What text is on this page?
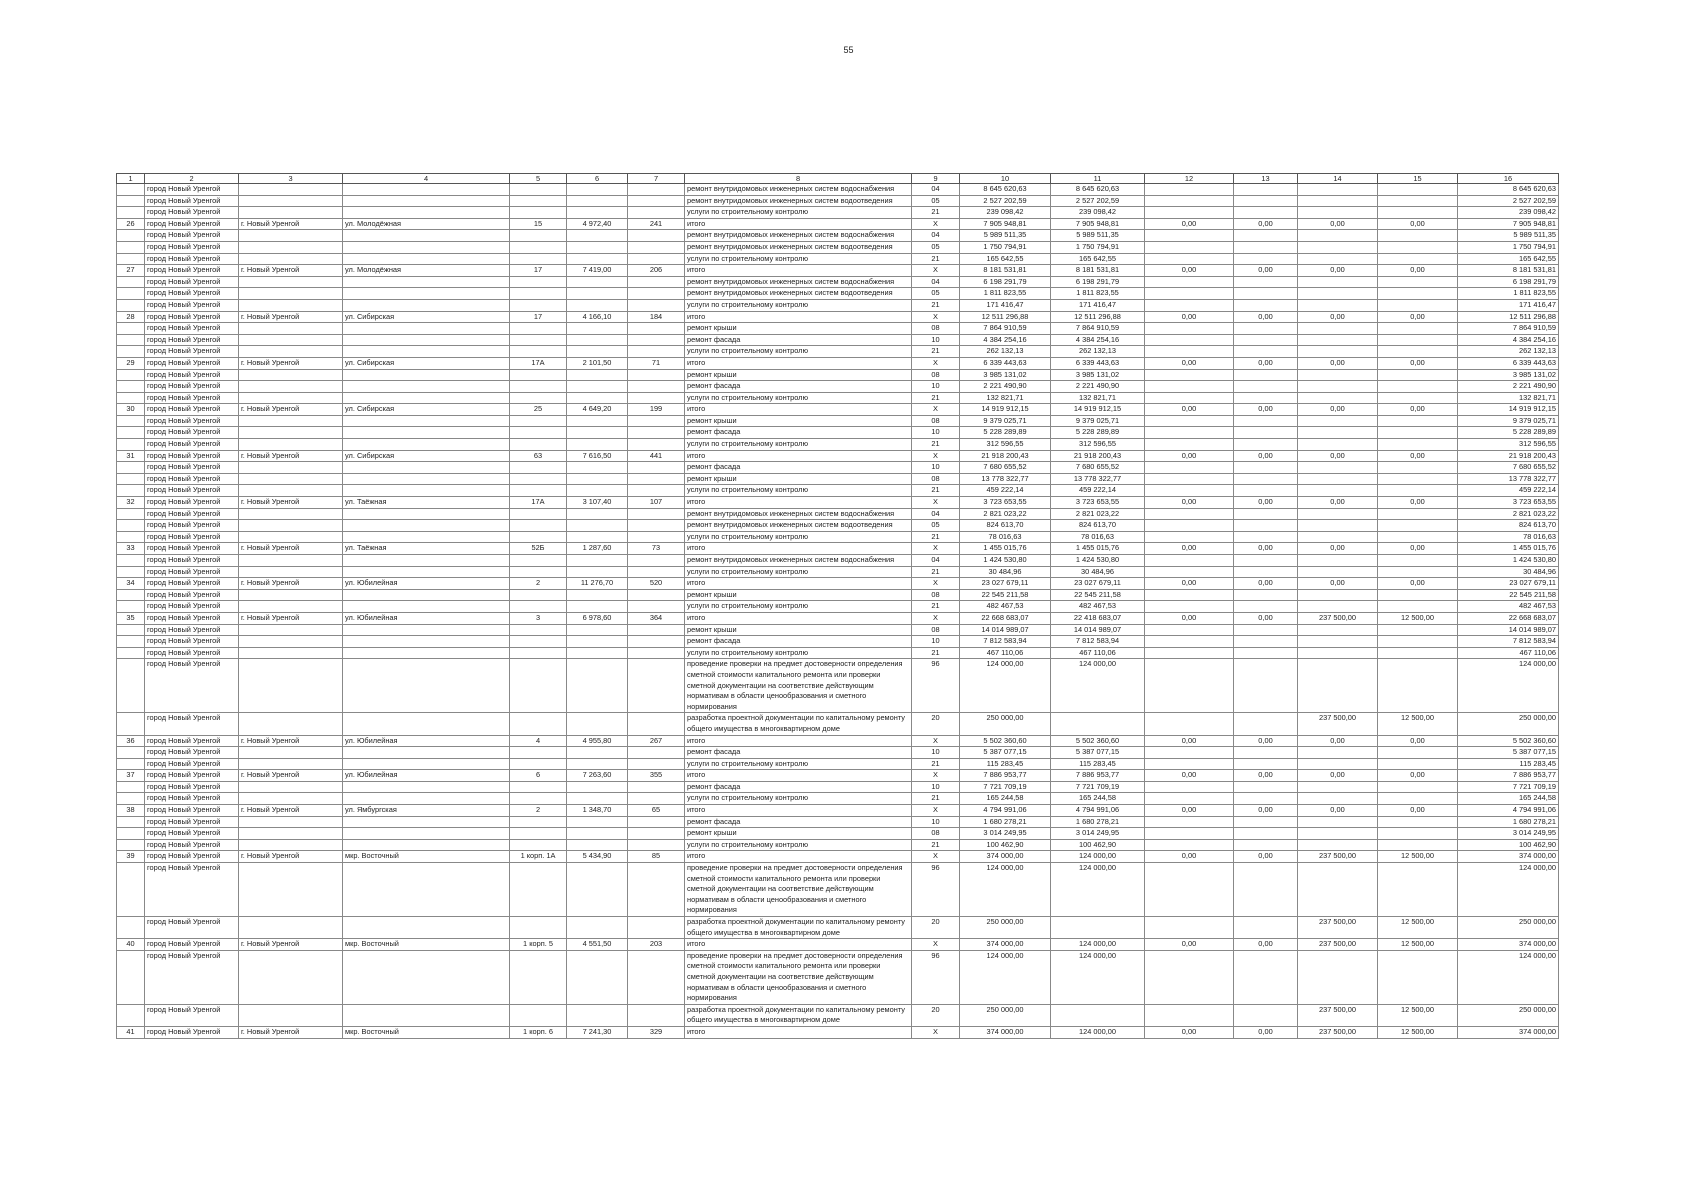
55
1	2	3	4	5	6	7	8	9	10	11	12	13	14	15	16
	город Новый Уренгой						ремонт внутридомовых инженерных систем водоснабжения	04	8 645 620,63	8 645 620,63					8 645 620,63
	город Новый Уренгой						ремонт внутридомовых инженерных систем водоотведения	05	2 527 202,59	2 527 202,59					2 527 202,59
	город Новый Уренгой						услуги по строительному контролю	21	239 098,42	239 098,42					239 098,42
26	город Новый Уренгой	г. Новый Уренгой	ул. Молодёжная	15	4 972,40	241	итого	X	7 905 948,81	7 905 948,81	0,00	0,00	0,00	0,00	7 905 948,81
	город Новый Уренгой						ремонт внутридомовых инженерных систем водоснабжения	04	5 989 511,35	5 989 511,35					5 989 511,35
	город Новый Уренгой						ремонт внутридомовых инженерных систем водоотведения	05	1 750 794,91	1 750 794,91					1 750 794,91
	город Новый Уренгой						услуги по строительному контролю	21	165 642,55	165 642,55					165 642,55
27	город Новый Уренгой	г. Новый Уренгой	ул. Молодёжная	17	7 419,00	206	итого	X	8 181 531,81	8 181 531,81	0,00	0,00	0,00	0,00	8 181 531,81
	город Новый Уренгой						ремонт внутридомовых инженерных систем водоснабжения	04	6 198 291,79	6 198 291,79					6 198 291,79
	город Новый Уренгой						ремонт внутридомовых инженерных систем водоотведения	05	1 811 823,55	1 811 823,55					1 811 823,55
	город Новый Уренгой						услуги по строительному контролю	21	171 416,47	171 416,47					171 416,47
28	город Новый Уренгой	г. Новый Уренгой	ул. Сибирская	17	4 166,10	184	итого	X	12 511 296,88	12 511 296,88	0,00	0,00	0,00	0,00	12 511 296,88
	город Новый Уренгой						ремонт крыши	08	7 864 910,59	7 864 910,59					7 864 910,59
	город Новый Уренгой						ремонт фасада	10	4 384 254,16	4 384 254,16					4 384 254,16
	город Новый Уренгой						услуги по строительному контролю	21	262 132,13	262 132,13					262 132,13
29	город Новый Уренгой	г. Новый Уренгой	ул. Сибирская	17А	2 101,50	71	итого	X	6 339 443,63	6 339 443,63	0,00	0,00	0,00	0,00	6 339 443,63
	город Новый Уренгой						ремонт крыши	08	3 985 131,02	3 985 131,02					3 985 131,02
	город Новый Уренгой						ремонт фасада	10	2 221 490,90	2 221 490,90					2 221 490,90
	город Новый Уренгой						услуги по строительному контролю	21	132 821,71	132 821,71					132 821,71
30	город Новый Уренгой	г. Новый Уренгой	ул. Сибирская	25	4 649,20	199	итого	X	14 919 912,15	14 919 912,15	0,00	0,00	0,00	0,00	14 919 912,15
	город Новый Уренгой						ремонт крыши	08	9 379 025,71	9 379 025,71					9 379 025,71
	город Новый Уренгой						ремонт фасада	10	5 228 289,89	5 228 289,89					5 228 289,89
	город Новый Уренгой						услуги по строительному контролю	21	312 596,55	312 596,55					312 596,55
31	город Новый Уренгой	г. Новый Уренгой	ул. Сибирская	63	7 616,50	441	итого	X	21 918 200,43	21 918 200,43	0,00	0,00	0,00	0,00	21 918 200,43
	город Новый Уренгой						ремонт фасада	10	7 680 655,52	7 680 655,52					7 680 655,52
	город Новый Уренгой						ремонт крыши	08	13 778 322,77	13 778 322,77					13 778 322,77
	город Новый Уренгой						услуги по строительному контролю	21	459 222,14	459 222,14					459 222,14
32	город Новый Уренгой	г. Новый Уренгой	ул. Таёжная	17А	3 107,40	107	итого	X	3 723 653,55	3 723 653,55	0,00	0,00	0,00	0,00	3 723 653,55
	город Новый Уренгой						ремонт внутридомовых инженерных систем водоснабжения	04	2 821 023,22	2 821 023,22					2 821 023,22
	город Новый Уренгой						ремонт внутридомовых инженерных систем водоотведения	05	824 613,70	824 613,70					824 613,70
	город Новый Уренгой						услуги по строительному контролю	21	78 016,63	78 016,63					78 016,63
33	город Новый Уренгой	г. Новый Уренгой	ул. Таёжная	52Б	1 287,60	73	итого	X	1 455 015,76	1 455 015,76	0,00	0,00	0,00	0,00	1 455 015,76
	город Новый Уренгой						ремонт внутридомовых инженерных систем водоснабжения	04	1 424 530,80	1 424 530,80					1 424 530,80
	город Новый Уренгой						услуги по строительному контролю	21	30 484,96	30 484,96					30 484,96
34	город Новый Уренгой	г. Новый Уренгой	ул. Юбилейная	2	11 276,70	520	итого	X	23 027 679,11	23 027 679,11	0,00	0,00	0,00	0,00	23 027 679,11
	город Новый Уренгой						ремонт крыши	08	22 545 211,58	22 545 211,58					22 545 211,58
	город Новый Уренгой						услуги по строительному контролю	21	482 467,53	482 467,53					482 467,53
35	город Новый Уренгой	г. Новый Уренгой	ул. Юбилейная	3	6 978,60	364	итого	X	22 668 683,07	22 418 683,07	0,00	0,00	237 500,00	12 500,00	22 668 683,07
	город Новый Уренгой						ремонт крыши	08	14 014 989,07	14 014 989,07					14 014 989,07
	город Новый Уренгой						ремонт фасада	10	7 812 583,94	7 812 583,94					7 812 583,94
	город Новый Уренгой						услуги по строительному контролю	21	467 110,06	467 110,06					467 110,06
	город Новый Уренгой						проведение проверки на предмет достоверности определения сметной стоимости капитального ремонта или проверки сметной документации на соответствие действующим нормативам в области ценообразования и сметного нормирования	96	124 000,00	124 000,00					124 000,00
	город Новый Уренгой						разработка проектной документации по капитальному ремонту общего имущества в многоквартирном доме	20	250 000,00				237 500,00	12 500,00	250 000,00
36	город Новый Уренгой	г. Новый Уренгой	ул. Юбилейная	4	4 955,80	267	итого	X	5 502 360,60	5 502 360,60	0,00	0,00	0,00	0,00	5 502 360,60
	город Новый Уренгой						ремонт фасада	10	5 387 077,15	5 387 077,15					5 387 077,15
	город Новый Уренгой						услуги по строительному контролю	21	115 283,45	115 283,45					115 283,45
37	город Новый Уренгой	г. Новый Уренгой	ул. Юбилейная	6	7 263,60	355	итого	X	7 886 953,77	7 886 953,77	0,00	0,00	0,00	0,00	7 886 953,77
	город Новый Уренгой						ремонт фасада	10	7 721 709,19	7 721 709,19					7 721 709,19
	город Новый Уренгой						услуги по строительному контролю	21	165 244,58	165 244,58					165 244,58
38	город Новый Уренгой	г. Новый Уренгой	ул. Ямбургская	2	1 348,70	65	итого	X	4 794 991,06	4 794 991,06	0,00	0,00	0,00	0,00	4 794 991,06
	город Новый Уренгой						ремонт фасада	10	1 680 278,21	1 680 278,21					1 680 278,21
	город Новый Уренгой						ремонт крыши	08	3 014 249,95	3 014 249,95					3 014 249,95
	город Новый Уренгой						услуги по строительному контролю	21	100 462,90	100 462,90					100 462,90
39	город Новый Уренгой	г. Новый Уренгой	мкр. Восточный	1 корп. 1А	5 434,90	85	итого	X	374 000,00	124 000,00	0,00	0,00	237 500,00	12 500,00	374 000,00
	город Новый Уренгой						проведение проверки на предмет достоверности определения сметной стоимости капитального ремонта или проверки сметной документации на соответствие действующим нормативам в области ценообразования и сметного нормирования	96	124 000,00	124 000,00					124 000,00
	город Новый Уренгой						разработка проектной документации по капитальному ремонту общего имущества в многоквартирном доме	20	250 000,00				237 500,00	12 500,00	250 000,00
40	город Новый Уренгой	г. Новый Уренгой	мкр. Восточный	1 корп. 5	4 551,50	203	итого	X	374 000,00	124 000,00	0,00	0,00	237 500,00	12 500,00	374 000,00
	город Новый Уренгой						проведение проверки на предмет достоверности определения сметной стоимости капитального ремонта или проверки сметной документации на соответствие действующим нормативам в области ценообразования и сметного нормирования	96	124 000,00	124 000,00					124 000,00
	город Новый Уренгой						разработка проектной документации по капитальному ремонту общего имущества в многоквартирном доме	20	250 000,00				237 500,00	12 500,00	250 000,00
41	город Новый Уренгой	г. Новый Уренгой	мкр. Восточный	1 корп. 6	7 241,30	329	итого	X	374 000,00	124 000,00	0,00	0,00	237 500,00	12 500,00	374 000,00
